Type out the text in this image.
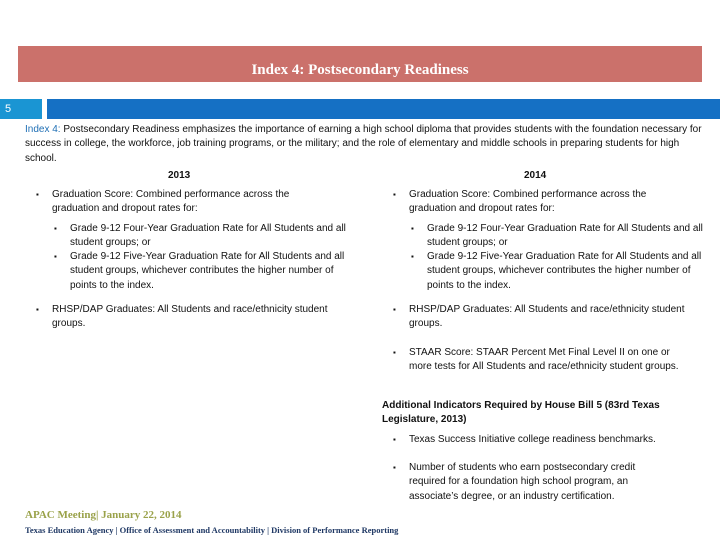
Index 4: Postsecondary Readiness
5
Index 4: Postsecondary Readiness emphasizes the importance of earning a high school diploma that provides students with the foundation necessary for success in college, the workforce, job training programs, or the military; and the role of elementary and middle schools in preparing students for high school.
2013	2014
▪ Graduation Score: Combined performance across the graduation and dropout rates for:
▪ Grade 9-12 Four-Year Graduation Rate for All Students and all student groups; or
▪ Grade 9-12 Five-Year Graduation Rate for All Students and all student groups, whichever contributes the higher number of points to the index.
▪ RHSP/DAP Graduates: All Students and race/ethnicity student groups.
▪ Graduation Score: Combined performance across the graduation and dropout rates for:
▪ Grade 9-12 Four-Year Graduation Rate for All Students and all student groups; or
▪ Grade 9-12 Five-Year Graduation Rate for All Students and all student groups, whichever contributes the higher number of points to the index.
▪ RHSP/DAP Graduates: All Students and race/ethnicity student groups.
▪ STAAR Score: STAAR Percent Met Final Level II on one or more tests for All Students and race/ethnicity student groups.
Additional Indicators Required by House Bill 5 (83rd Texas Legislature, 2013)
▪ Texas Success Initiative college readiness benchmarks.
▪ Number of students who earn postsecondary credit required for a foundation high school program, an associate’s degree, or an industry certification.
APAC Meeting| January 22, 2014
Texas Education Agency | Office of Assessment and Accountability | Division of Performance Reporting
